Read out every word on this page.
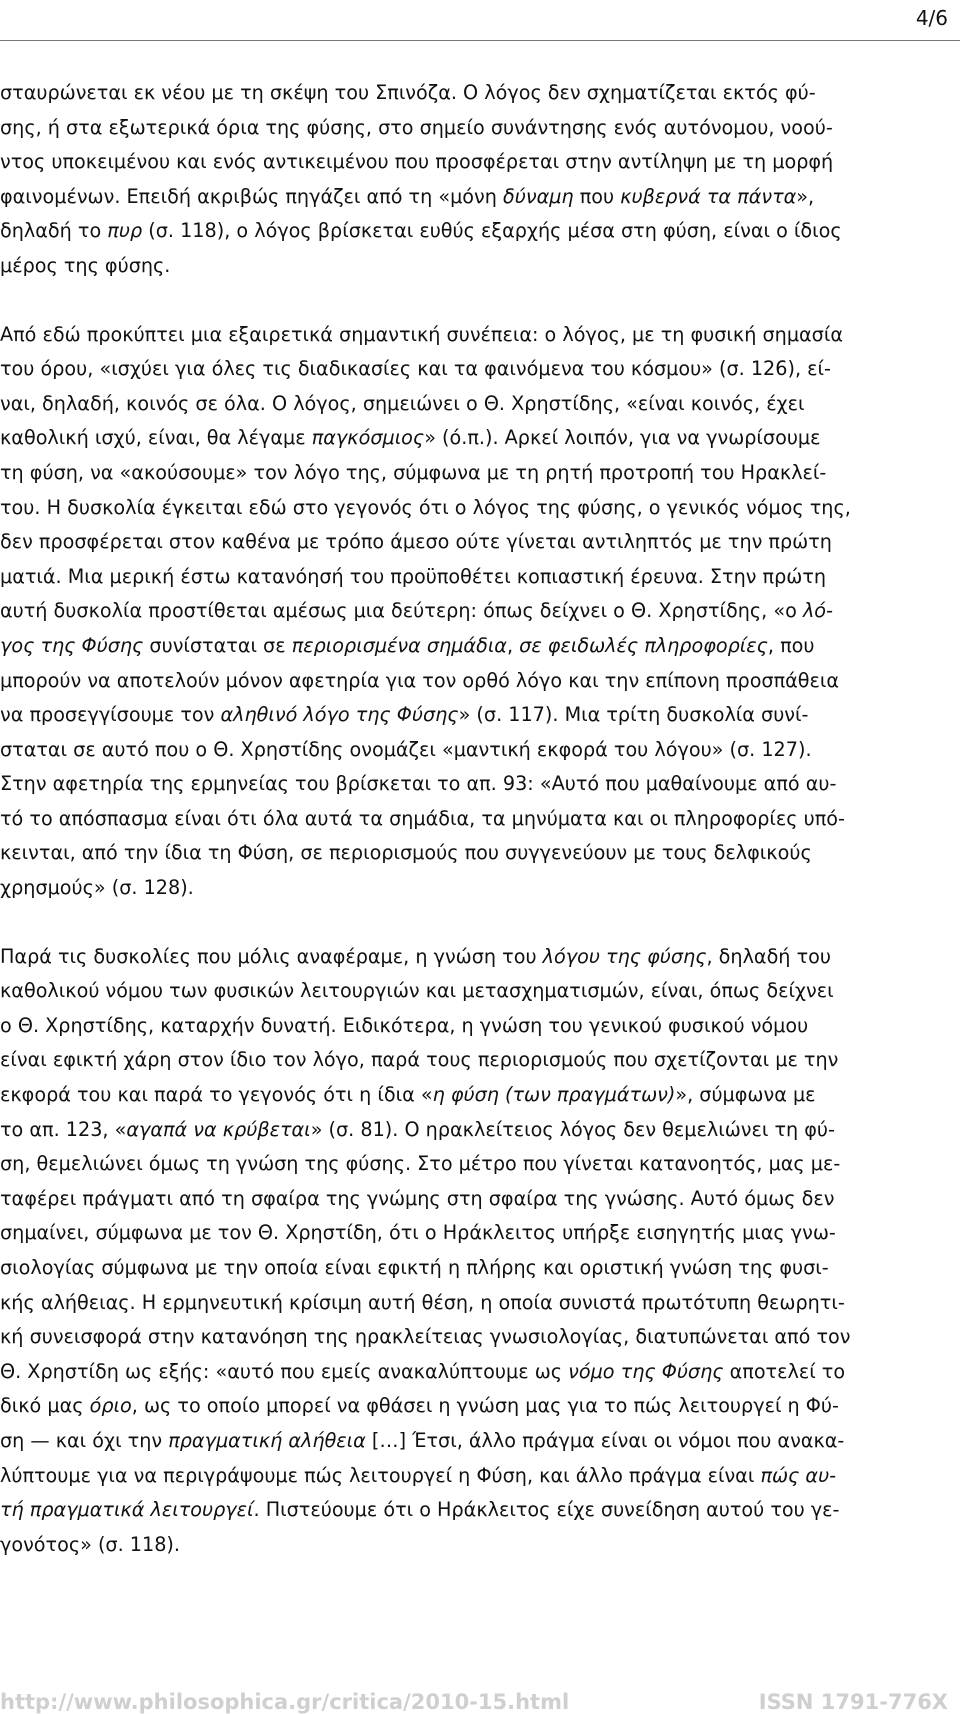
4/6
σταυρώνεται εκ νέου με τη σκέψη του Σπινόζα. Ο λόγος δεν σχηματίζεται εκτός φύ-
σης, ή στα εξωτερικά όρια της φύσης, στο σημείο συνάντησης ενός αυτόνομου, νοού-
ντος υποκειμένου και ενός αντικειμένου που προσφέρεται στην αντίληψη με τη μορφή
φαινομένων. Επειδή ακριβώς πηγάζει από τη «μόνη δύναμη που κυβερνά τα πάντα»,
δηλαδή το πυρ (σ. 118), ο λόγος βρίσκεται ευθύς εξαρχής μέσα στη φύση, είναι ο ίδιος
μέρος της φύσης.
Από εδώ προκύπτει μια εξαιρετικά σημαντική συνέπεια: ο λόγος, με τη φυσική σημασία
του όρου, «ισχύει για όλες τις διαδικασίες και τα φαινόμενα του κόσμου» (σ. 126), εί-
ναι, δηλαδή, κοινός σε όλα. Ο λόγος, σημειώνει ο Θ. Χρηστίδης, «είναι κοινός, έχει
καθολική ισχύ, είναι, θα λέγαμε παγκόσμιος» (ό.π.). Αρκεί λοιπόν, για να γνωρίσουμε
τη φύση, να «ακούσουμε» τον λόγο της, σύμφωνα με τη ρητή προτροπή του Ηρακλεί-
του. Η δυσκολία έγκειται εδώ στο γεγονός ότι ο λόγος της φύσης, ο γενικός νόμος της,
δεν προσφέρεται στον καθένα με τρόπο άμεσο ούτε γίνεται αντιληπτός με την πρώτη
ματιά. Μια μερική έστω κατανόησή του προϋποθέτει κοπιαστική έρευνα. Στην πρώτη
αυτή δυσκολία προστίθεται αμέσως μια δεύτερη: όπως δείχνει ο Θ. Χρηστίδης, «ο λό-
γος της Φύσης συνίσταται σε περιορισμένα σημάδια, σε φειδωλές πληροφορίες, που
μπορούν να αποτελούν μόνον αφετηρία για τον ορθό λόγο και την επίπονη προσπάθεια
να προσεγγίσουμε τον αληθινό λόγο της Φύσης» (σ. 117). Μια τρίτη δυσκολία συνί-
σταται σε αυτό που ο Θ. Χρηστίδης ονομάζει «μαντική εκφορά του λόγου» (σ. 127).
Στην αφετηρία της ερμηνείας του βρίσκεται το απ. 93: «Αυτό που μαθαίνουμε από αυ-
τό το απόσπασμα είναι ότι όλα αυτά τα σημάδια, τα μηνύματα και οι πληροφορίες υπό-
κεινται, από την ίδια τη Φύση, σε περιορισμούς που συγγενεύουν με τους δελφικούς
χρησμούς» (σ. 128).
Παρά τις δυσκολίες που μόλις αναφέραμε, η γνώση του λόγου της φύσης, δηλαδή του
καθολικού νόμου των φυσικών λειτουργιών και μετασχηματισμών, είναι, όπως δείχνει
ο Θ. Χρηστίδης, καταρχήν δυνατή. Ειδικότερα, η γνώση του γενικού φυσικού νόμου
είναι εφικτή χάρη στον ίδιο τον λόγο, παρά τους περιορισμούς που σχετίζονται με την
εκφορά του και παρά το γεγονός ότι η ίδια «η φύση (των πραγμάτων)», σύμφωνα με
το απ. 123, «αγαπά να κρύβεται» (σ. 81). Ο ηρακλείτειος λόγος δεν θεμελιώνει τη φύ-
ση, θεμελιώνει όμως τη γνώση της φύσης. Στο μέτρο που γίνεται κατανοητός, μας με-
ταφέρει πράγματι από τη σφαίρα της γνώμης στη σφαίρα της γνώσης. Αυτό όμως δεν
σημαίνει, σύμφωνα με τον Θ. Χρηστίδη, ότι ο Ηράκλειτος υπήρξε εισηγητής μιας γνω-
σιολογίας σύμφωνα με την οποία είναι εφικτή η πλήρης και οριστική γνώση της φυσι-
κής αλήθειας. Η ερμηνευτική κρίσιμη αυτή θέση, η οποία συνιστά πρωτότυπη θεωρητι-
κή συνεισφορά στην κατανόηση της ηρακλείτειας γνωσιολογίας, διατυπώνεται από τον
Θ. Χρηστίδη ως εξής: «αυτό που εμείς ανακαλύπτουμε ως νόμο της Φύσης αποτελεί το
δικό μας όριο, ως το οποίο μπορεί να φθάσει η γνώση μας για το πώς λειτουργεί η Φύ-
ση — και όχι την πραγματική αλήθεια […] Έτσι, άλλο πράγμα είναι οι νόμοι που ανακα-
λύπτουμε για να περιγράψουμε πώς λειτουργεί η Φύση, και άλλο πράγμα είναι πώς αυ-
τή πραγματικά λειτουργεί. Πιστεύουμε ότι ο Ηράκλειτος είχε συνείδηση αυτού του γε-
γονότος» (σ. 118).
http://www.philosophica.gr/critica/2010-15.html	ISSN 1791-776X
